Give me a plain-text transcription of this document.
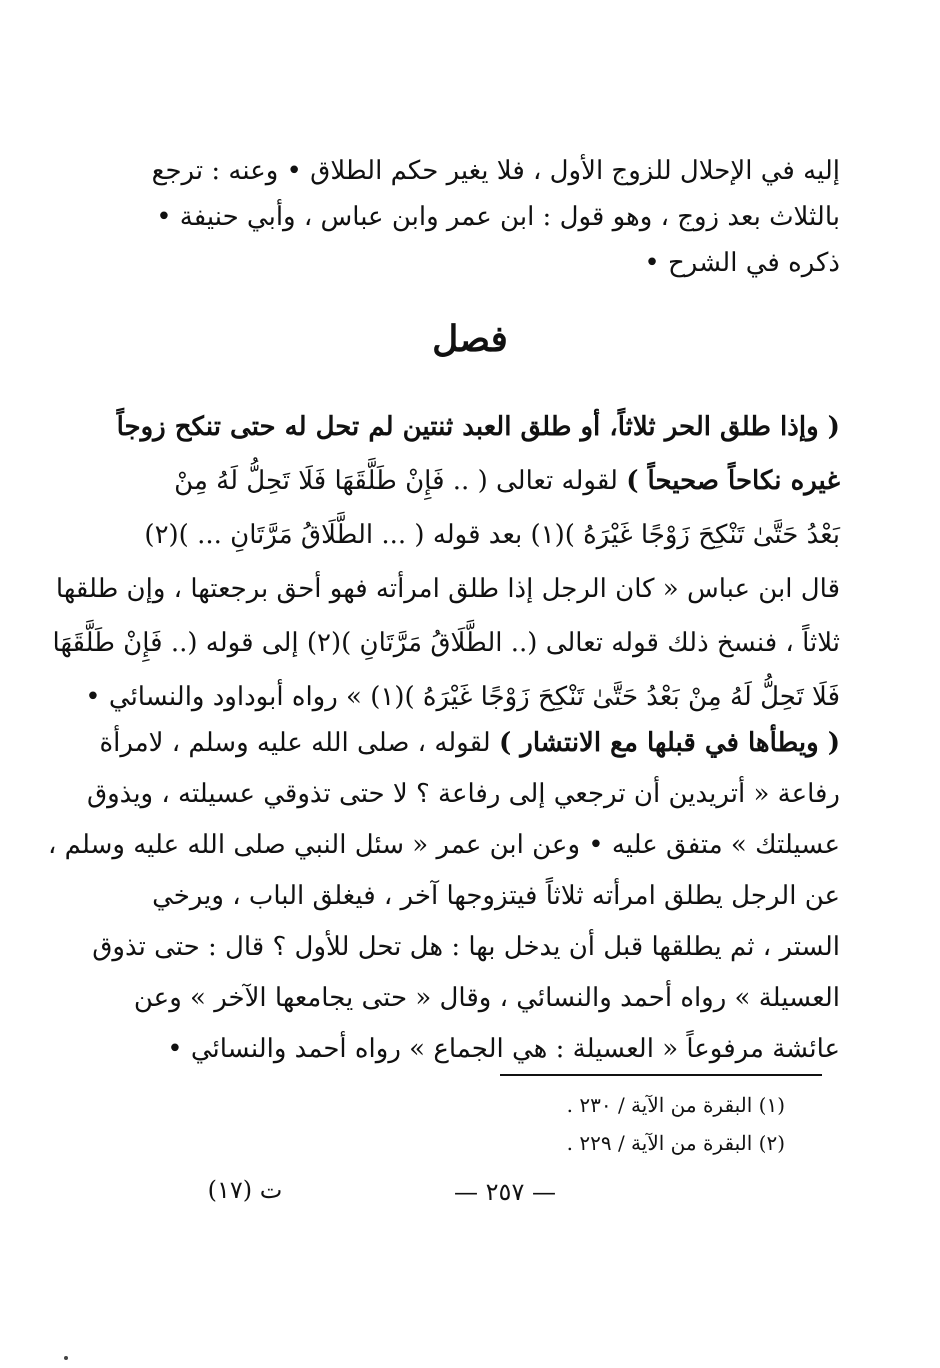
إليه في الإحلال للزوج الأول ، فلا يغير حكم الطلاق • وعنه : ترجع
بالثلاث بعد زوج ، وهو قول : ابن عمر وابن عباس ، وأبي حنيفة •
ذكره في الشرح •
فصل
( وإذا طلق الحر ثلاثاً، أو طلق العبد ثنتين لم تحل له حتى تنكح زوجاً
غيره نكاحاً صحيحاً ) لقوله تعالى ( .. فَإِنْ طَلَّقَهَا فَلَا تَحِلُّ لَهُ مِنْ
بَعْدُ حَتَّىٰ تَنْكِحَ زَوْجًا غَيْرَهُ )(١) بعد قوله ( ... الطَّلَاقُ مَرَّتَانِ ... )(٢)
قال ابن عباس « كان الرجل إذا طلق امرأته فهو أحق برجعتها ، وإن طلقها
ثلاثاً ، فنسخ ذلك قوله تعالى (.. الطَّلَاقُ مَرَّتَانِ )(٢) إلى قوله (.. فَإِنْ طَلَّقَهَا
فَلَا تَحِلُّ لَهُ مِنْ بَعْدُ حَتَّىٰ تَنْكِحَ زَوْجًا غَيْرَهُ )(١) » رواه أبوداود والنسائي •
( ويطأها في قبلها مع الانتشار ) لقوله ، صلى الله عليه وسلم ، لامرأة
رفاعة « أتريدين أن ترجعي إلى رفاعة ؟ لا حتى تذوقي عسيلته ، ويذوق
عسيلتك » متفق عليه • وعن ابن عمر « سئل النبي صلى الله عليه وسلم ،
عن الرجل يطلق امرأته ثلاثاً فيتزوجها آخر ، فيغلق الباب ، ويرخي
الستر ، ثم يطلقها قبل أن يدخل بها : هل تحل للأول ؟ قال : حتى تذوق
العسيلة » رواه أحمد والنسائي ، وقال « حتى يجامعها الآخر » وعن
عائشة مرفوعاً « العسيلة : هي الجماع » رواه أحمد والنسائي •
(١) البقرة من الآية / ٢٣٠ .
(٢) البقرة من الآية / ٢٢٩ .
— ٢٥٧ —
ت (١٧)
